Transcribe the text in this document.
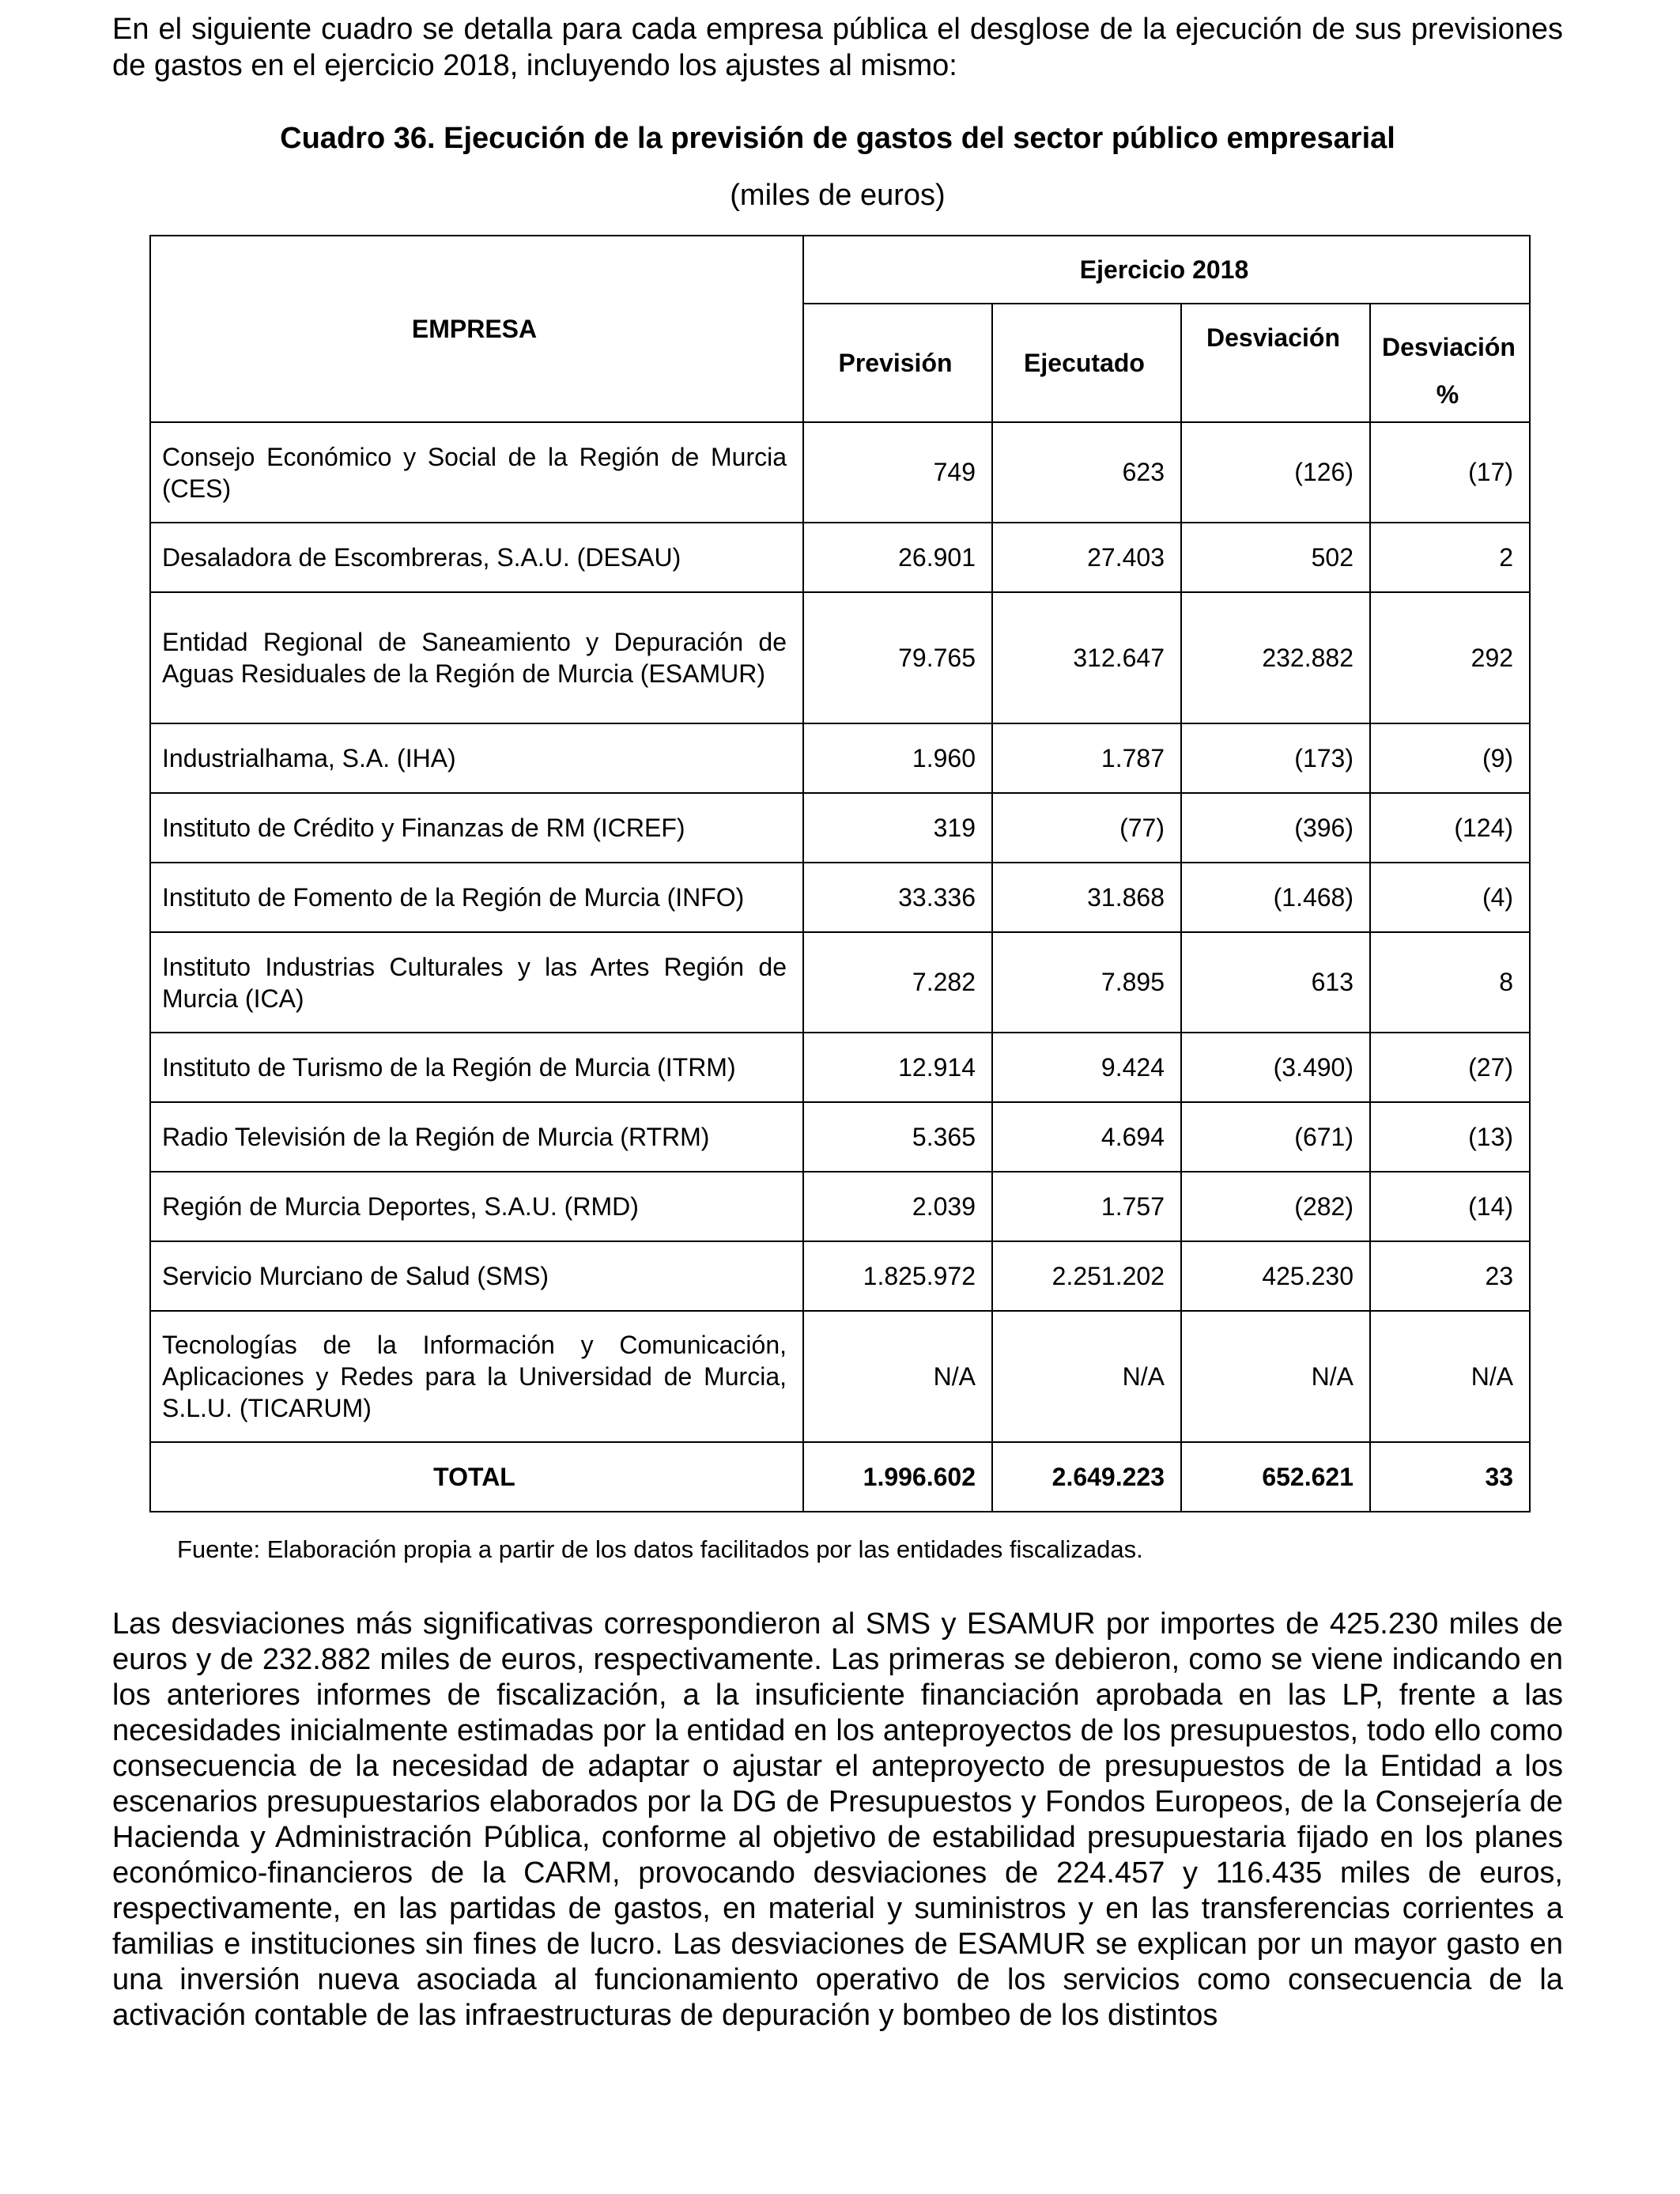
En el siguiente cuadro se detalla para cada empresa pública el desglose de la ejecución de sus previsiones de gastos en el ejercicio 2018, incluyendo los ajustes al mismo:

Cuadro 36. Ejecución de la previsión de gastos del sector público empresarial

(miles de euros)

EMPRESA	Ejercicio 2018			
	Previsión	Ejecutado	Desviación	Desviación
%
Consejo Económico y Social de la Región de Murcia (CES)	749	623	(126)	(17)
Desaladora de Escombreras, S.A.U. (DESAU)	26.901	27.403	502	2
Entidad Regional de Saneamiento y Depuración de Aguas Residuales de la Región de Murcia (ESAMUR)	79.765	312.647	232.882	292
Industrialhama, S.A. (IHA)	1.960	1.787	(173)	(9)
Instituto de Crédito y Finanzas de RM (ICREF)	319	(77)	(396)	(124)
Instituto de Fomento de la Región de Murcia (INFO)	33.336	31.868	(1.468)	(4)
Instituto Industrias Culturales y las Artes Región de Murcia (ICA)	7.282	7.895	613	8
Instituto de Turismo de la Región de Murcia (ITRM)	12.914	9.424	(3.490)	(27)
Radio Televisión de la Región de Murcia (RTRM)	5.365	4.694	(671)	(13)
Región de Murcia Deportes, S.A.U. (RMD)	2.039	1.757	(282)	(14)
Servicio Murciano de Salud (SMS)	1.825.972	2.251.202	425.230	23
Tecnologías de la Información y Comunicación, Aplicaciones y Redes para la Universidad de Murcia, S.L.U. (TICARUM)	N/A	N/A	N/A	N/A
TOTAL	1.996.602	2.649.223	652.621	33

Fuente: Elaboración propia a partir de los datos facilitados por las entidades fiscalizadas.

Las desviaciones más significativas correspondieron al SMS y ESAMUR por importes de 425.230 miles de euros y de 232.882 miles de euros, respectivamente. Las primeras se debieron, como se viene indicando en los anteriores informes de fiscalización, a la insuficiente financiación aprobada en las LP, frente a las necesidades inicialmente estimadas por la entidad en los anteproyectos de los presupuestos, todo ello como consecuencia de la necesidad de adaptar o ajustar el anteproyecto de presupuestos de la Entidad a los escenarios presupuestarios elaborados por la DG de Presupuestos y Fondos Europeos, de la Consejería de Hacienda y Administración Pública, conforme al objetivo de estabilidad presupuestaria fijado en los planes económico-financieros de la CARM, provocando desviaciones de 224.457 y 116.435 miles de euros, respectivamente, en las partidas de gastos, en material y suministros y en las transferencias corrientes a familias e instituciones sin fines de lucro. Las desviaciones de ESAMUR se explican por un mayor gasto en una inversión nueva asociada al funcionamiento operativo de los servicios como consecuencia de la activación contable de las infraestructuras de depuración y bombeo de los distintos
